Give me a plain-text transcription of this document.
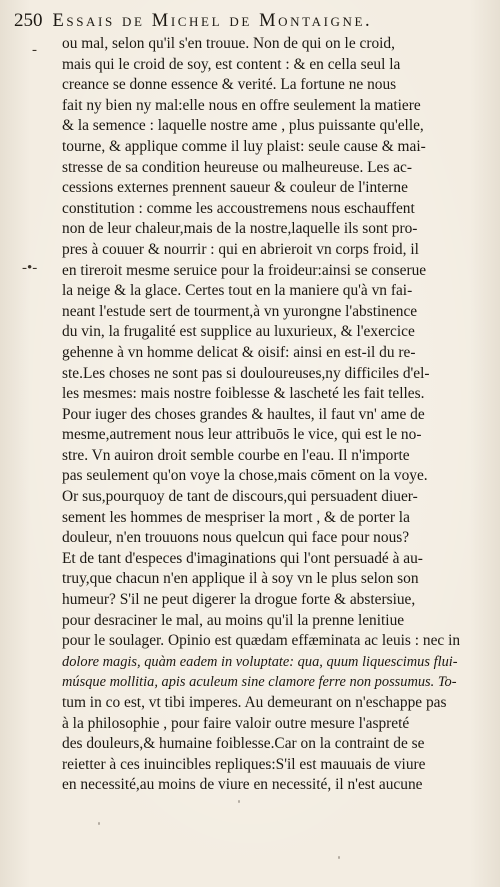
250 Essais de Michel de Montaigne.
-
-•-
ou mal, selon qu'il s'en trouue. Non de qui on le croid,
mais qui le croid de soy, est content : & en cella seul la
creance se donne essence & verité. La fortune ne nous
fait ny bien ny mal:elle nous en offre seulement la matiere
& la semence : laquelle nostre ame , plus puissante qu'elle,
tourne, & applique comme il luy plaist: seule cause & mai-
stresse de sa condition heureuse ou malheureuse. Les ac-
cessions externes prennent saueur & couleur de l'interne
constitution : comme les accoustremens nous eschauffent
non de leur chaleur,mais de la nostre,laquelle ils sont pro-
pres à couuer & nourrir : qui en abrieroit vn corps froid, il
en tireroit mesme seruice pour la froideur:ainsi se conserue
la neige & la glace. Certes tout en la maniere qu'à vn fai-
neant l'estude sert de tourment,à vn yurongne l'abstinence
du vin, la frugalité est supplice au luxurieux, & l'exercice
gehenne à vn homme delicat & oisif: ainsi en est-il du re-
ste.Les choses ne sont pas si douloureuses,ny difficiles d'el-
les mesmes: mais nostre foiblesse & lascheté les fait telles.
Pour iuger des choses grandes & haultes, il faut vn' ame de
mesme,autrement nous leur attribuōs le vice, qui est le no-
stre. Vn auiron droit semble courbe en l'eau. Il n'importe
pas seulement qu'on voye la chose,mais cōment on la voye.
Or sus,pourquoy de tant de discours,qui persuadent diuer-
sement les hommes de mespriser la mort , & de porter la
douleur, n'en trouuons nous quelcun qui face pour nous?
Et de tant d'especes d'imaginations qui l'ont persuadé à au-
truy,que chacun n'en applique il à soy vn le plus selon son
humeur? S'il ne peut digerer la drogue forte & abstersiue,
pour desraciner le mal, au moins qu'il la prenne lenitiue
pour le soulager. Opinio est quædam effæminata ac leuis : nec in
dolore magis, quàm eadem in voluptate: qua, quum liquescimus flui-
músque mollitia, apis aculeum sine clamore ferre non possumus. To-
tum in co est, vt tibi imperes. Au demeurant on n'eschappe pas
à la philosophie , pour faire valoir outre mesure l'aspreté
des douleurs,& humaine foiblesse.Car on la contraint de se
reietter à ces inuincibles repliques:S'il est mauuais de viure
en necessité,au moins de viure en necessité, il n'est aucune
